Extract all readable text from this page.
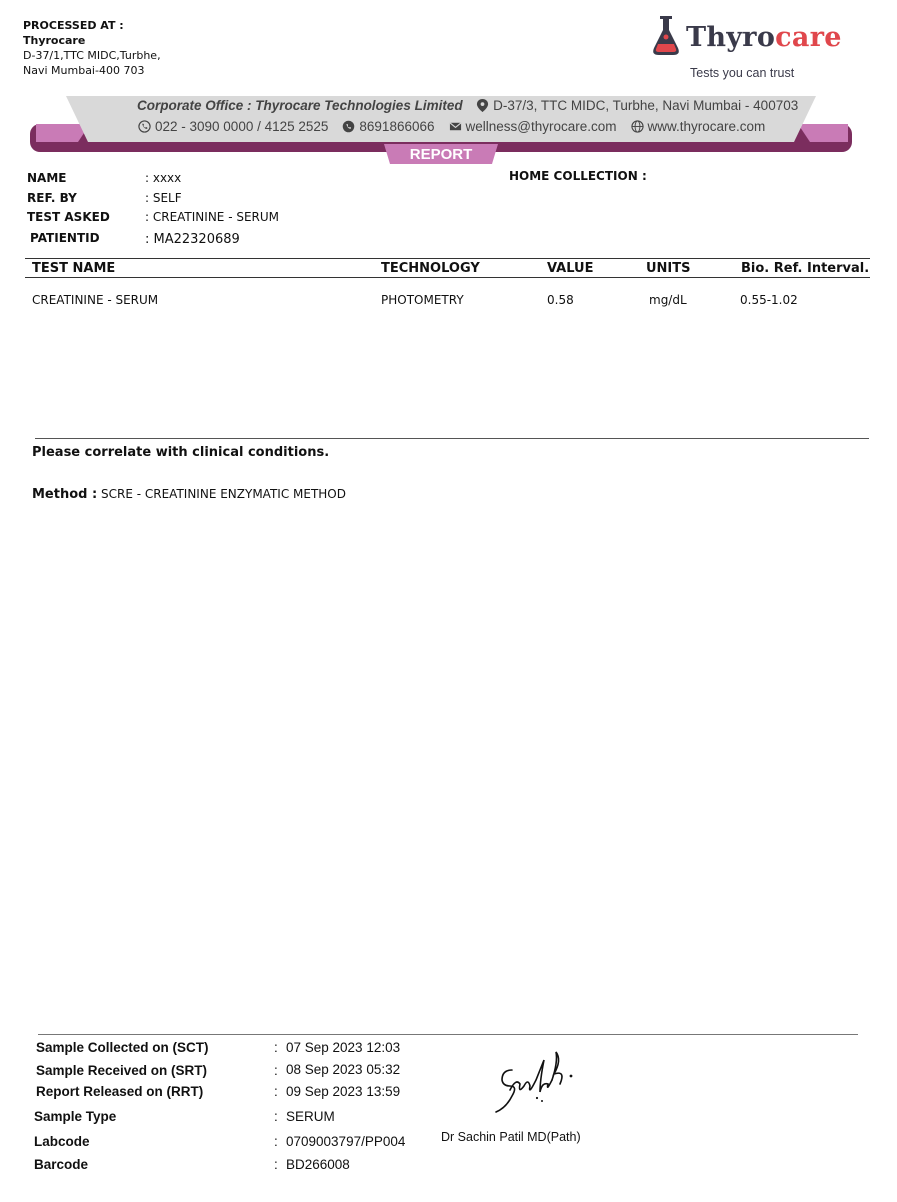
PROCESSED AT :
Thyrocare
D-37/1,TTC MIDC,Turbhe,
Navi Mumbai-400 703
Thyrocare
Tests you can trust
Corporate Office : Thyrocare Technologies Limited D-37/3, TTC MIDC, Turbhe, Navi Mumbai - 400703
022 - 3090 0000 / 4125 2525 8691866066 wellness@thyrocare.com www.thyrocare.com
REPORT
NAME	: xxxx
REF. BY	: SELF
TEST ASKED	: CREATININE - SERUM
PATIENTID	: MA22320689
HOME COLLECTION :
TEST NAME	TECHNOLOGY	VALUE	UNITS	Bio. Ref. Interval.
CREATININE - SERUM	PHOTOMETRY	0.58	mg/dL	0.55-1.02
Please correlate with clinical conditions.
Method : SCRE - CREATININE ENZYMATIC METHOD
Sample Collected on (SCT)	: 07 Sep 2023 12:03
Sample Received on (SRT)	: 08 Sep 2023 05:32
Report Released on (RRT)	: 09 Sep 2023 13:59
Sample Type	: SERUM
Labcode	: 0709003797/PP004
Barcode	: BD266008
Dr Sachin Patil MD(Path)
